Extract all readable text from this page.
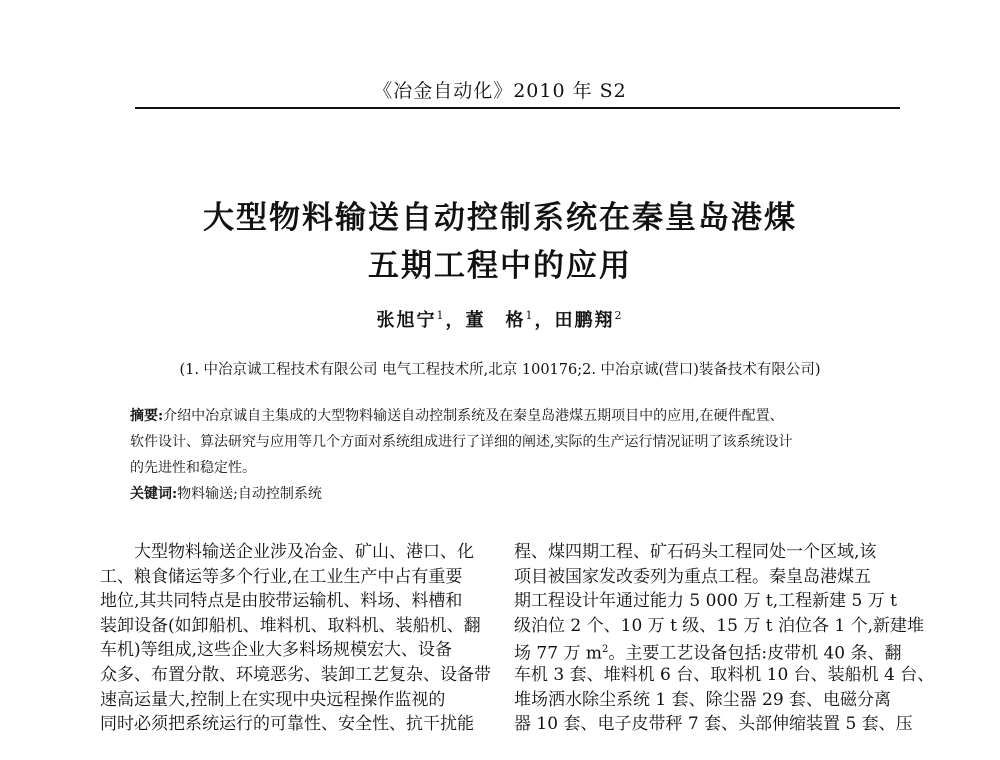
《冶金自动化》2010 年 S2
大型物料输送自动控制系统在秦皇岛港煤
五期工程中的应用
张旭宁$^1$，董　格$^1$，田鹏翔$^2$
(1. 中冶京诚工程技术有限公司 电气工程技术所,北京 100176;2. 中冶京诚(营口)装备技术有限公司)
摘要:介绍中冶京诚自主集成的大型物料输送自动控制系统及在秦皇岛港煤五期项目中的应用,在硬件配置、
软件设计、算法研究与应用等几个方面对系统组成进行了详细的阐述,实际的生产运行情况证明了该系统设计
的先进性和稳定性。
关键词:物料输送;自动控制系统
大型物料输送企业涉及冶金、矿山、港口、化
工、粮食储运等多个行业,在工业生产中占有重要
地位,其共同特点是由胶带运输机、料场、料槽和
装卸设备(如卸船机、堆料机、取料机、装船机、翻
车机)等组成,这些企业大多料场规模宏大、设备
众多、布置分散、环境恶劣、装卸工艺复杂、设备带
速高运量大,控制上在实现中央远程操作监视的
同时必须把系统运行的可靠性、安全性、抗干扰能
程、煤四期工程、矿石码头工程同处一个区域,该
项目被国家发改委列为重点工程。秦皇岛港煤五
期工程设计年通过能力 5 000 万 t,工程新建 5 万 t
级泊位 2 个、10 万 t 级、15 万 t 泊位各 1 个,新建堆
场 77 万 $m^2$。主要工艺设备包括:皮带机 40 条、翻
车机 3 套、堆料机 6 台、取料机 10 台、装船机 4 台、
堆场洒水除尘系统 1 套、除尘器 29 套、电磁分离
器 10 套、电子皮带秤 7 套、头部伸缩装置 5 套、压
